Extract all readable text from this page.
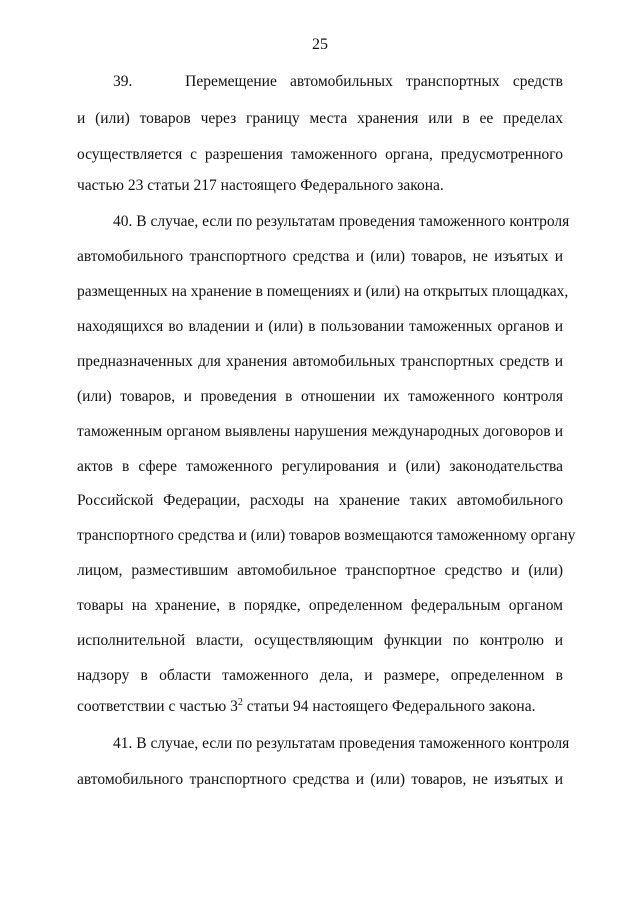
25
39.    Перемещение автомобильных транспортных средств
и (или) товаров через границу места хранения или в ее пределах
осуществляется с разрешения таможенного органа, предусмотренного
частью 23 статьи 217 настоящего Федерального закона.
40. В случае, если по результатам проведения таможенного контроля
автомобильного транспортного средства и (или) товаров, не изъятых и
размещенных на хранение в помещениях и (или) на открытых площадках,
находящихся во владении и (или) в пользовании таможенных органов и
предназначенных для хранения автомобильных транспортных средств и
(или) товаров, и проведения в отношении их таможенного контроля
таможенным органом выявлены нарушения международных договоров и
актов в сфере таможенного регулирования и (или) законодательства
Российской Федерации, расходы на хранение таких автомобильного
транспортного средства и (или) товаров возмещаются таможенному органу
лицом, разместившим автомобильное транспортное средство и (или)
товары на хранение, в порядке, определенном федеральным органом
исполнительной власти, осуществляющим функции по контролю и
надзору в области таможенного дела, и размере, определенном в
соответствии с частью $3^2$ статьи 94 настоящего Федерального закона.
41. В случае, если по результатам проведения таможенного контроля
автомобильного транспортного средства и (или) товаров, не изъятых и
